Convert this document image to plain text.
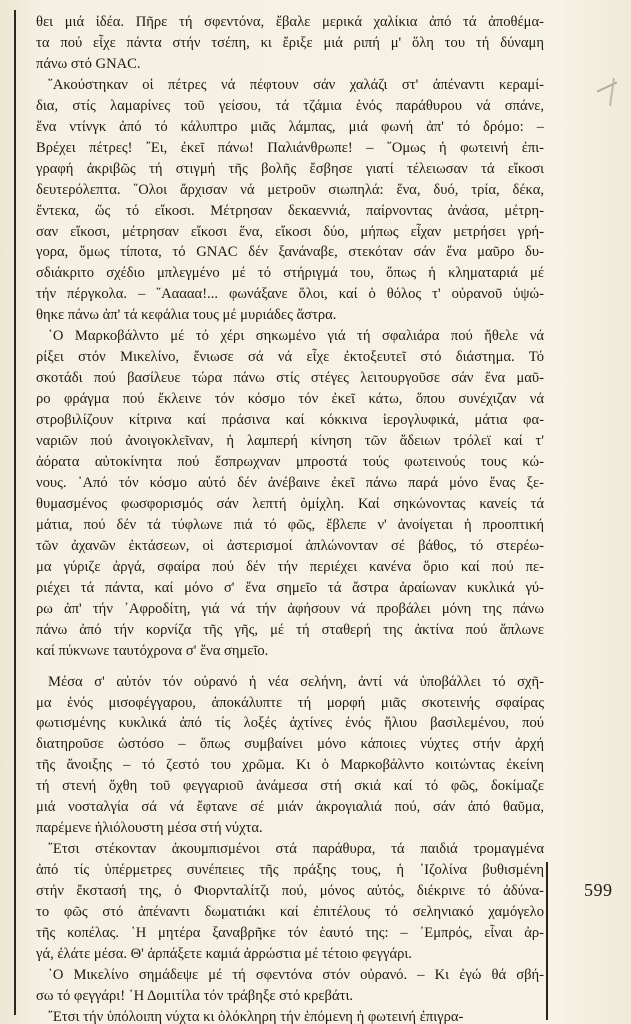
θει μιά ἰδέα. Πῆρε τή σφεντόνα, ἔβαλε μερικά χαλίκια ἀπό τά ἀποθέμα-
τα πού εἶχε πάντα στήν τσέπη, κι ἔριξε μιά ριπή μ' ὅλη του τή δύναμη
πάνω στό GNAC.
῞Ακούστηκαν οἱ πέτρες νά πέφτουν σάν χαλάζι στ' ἀπέναντι κεραμί-
δια, στίς λαμαρίνες τοῦ γείσου, τά τζάμια ἑνός παράθυρου νά σπάνε,
ἕνα ντίνγκ ἀπό τό κάλυπτρο μιᾶς λάμπας, μιά φωνή ἀπ' τό δρόμο: –
Βρέχει πέτρες! ῎Ει, ἐκεῖ πάνω! Παλιάνθρωπε! – ῞Ομως ἡ φωτεινή ἐπι-
γραφή ἀκριβῶς τή στιγμή τῆς βολῆς ἔσβησε γιατί τέλειωσαν τά εἴκοσι
δευτερόλεπτα. ῞Ολοι ἄρχισαν νά μετροῦν σιωπηλά: ἕνα, δυό, τρία, δέκα,
ἔντεκα, ὥς τό εἴκοσι. Μέτρησαν δεκαεννιά, παίρνοντας ἀνάσα, μέτρη-
σαν εἴκοσι, μέτρησαν εἴκοσι ἕνα, εἴκοσι δύο, μήπως εἶχαν μετρήσει γρή-
γορα, ὅμως τίποτα, τό GNAC δέν ξανάναβε, στεκόταν σάν ἕνα μαῦρο δυ-
σδιάκριτο σχέδιο μπλεγμένο μέ τό στήριγμά του, ὅπως ἡ κληματαριά μέ
τήν πέργκολα. – ῞Ααααα!... φωνάξανε ὅλοι, καί ὁ θόλος τ' οὐρανοῦ ὑψώ-
θηκε πάνω ἀπ' τά κεφάλια τους μέ μυριάδες ἄστρα.
῾Ο Μαρκοβάλντο μέ τό χέρι σηκωμένο γιά τή σφαλιάρα πού ἤθελε νά
ρίξει στόν Μικελίνο, ἔνιωσε σά νά εἶχε ἐκτοξευτεῖ στό διάστημα. Τό
σκοτάδι πού βασίλευε τώρα πάνω στίς στέγες λειτουργοῦσε σάν ἕνα μαῦ-
ρο φράγμα πού ἔκλεινε τόν κόσμο τόν ἐκεῖ κάτω, ὅπου συνέχιζαν νά
στροβιλίζουν κίτρινα καί πράσινα καί κόκκινα ἰερογλυφικά, μάτια φα-
ναριῶν πού ἀνοιγοκλεῖναν, ἡ λαμπερή κίνηση τῶν ἄδειων τρόλεϊ καί τ'
ἀόρατα αὐτοκίνητα πού ἔσπρωχναν μπροστά τούς φωτεινούς τους κώ-
νους. ᾽Από τόν κόσμο αὐτό δέν ἀνέβαινε ἐκεῖ πάνω παρά μόνο ἕνας ξε-
θυμασμένος φωσφορισμός σάν λεπτή ὀμίχλη. Καί σηκώνοντας κανείς τά
μάτια, πού δέν τά τύφλωνε πιά τό φῶς, ἔβλεπε ν' ἀνοίγεται ἡ προοπτική
τῶν ἀχανῶν ἐκτάσεων, οἱ ἀστερισμοί ἁπλώνονταν σέ βάθος, τό στερέω-
μα γύριζε ἀργά, σφαίρα πού δέν τήν περιέχει κανένα ὅριο καί πού πε-
ριέχει τά πάντα, καί μόνο σ' ἕνα σημεῖο τά ἄστρα ἀραίωναν κυκλικά γύ-
ρω ἀπ' τήν ᾽Αφροδίτη, γιά νά τήν ἀφήσουν νά προβάλει μόνη της πάνω
πάνω ἀπό τήν κορνίζα τῆς γῆς, μέ τή σταθερή της ἀκτίνα πού ἅπλωνε
καί πύκνωνε ταυτόχρονα σ' ἕνα σημεῖο.
Μέσα σ' αὐτόν τόν οὐρανό ἡ νέα σελήνη, ἀντί νά ὑποβάλλει τό σχῆ-
μα ἑνός μισοφέγγαρου, ἀποκάλυπτε τή μορφή μιᾶς σκοτεινής σφαίρας
φωτισμένης κυκλικά ἀπό τίς λοξές ἀχτίνες ἑνός ἥλιου βασιλεμένου, πού
διατηροῦσε ὡστόσο – ὅπως συμβαίνει μόνο κάποιες νύχτες στήν ἀρχή
τῆς ἄνοιξης – τό ζεστό του χρῶμα. Κι ὁ Μαρκοβάλντο κοιτώντας ἐκείνη
τή στενή ὄχθη τοῦ φεγγαριοῦ ἀνάμεσα στή σκιά καί τό φῶς, δοκίμαζε
μιά νοσταλγία σά νά ἔφτανε σέ μιάν ἀκρογιαλιά πού, σάν ἀπό θαῦμα,
παρέμενε ἡλιόλουστη μέσα στή νύχτα.
῎Ετσι στέκονταν ἀκουμπισμένοι στά παράθυρα, τά παιδιά τρομαγμένα
ἀπό τίς ὑπέρμετρες συνέπειες τῆς πράξης τους, ἡ ᾽Ιζολίνα βυθισμένη
στήν ἔκστασή της, ὁ Φιορνταλίτζι πού, μόνος αὐτός, διέκρινε τό ἀδύνα-
το φῶς στό ἀπέναντι δωματιάκι καί ἐπιτέλους τό σεληνιακό χαμόγελο
τῆς κοπέλας. ῾Η μητέρα ξαναβρῆκε τόν ἑαυτό της: – ᾽Εμπρός, εἶναι ἀρ-
γά, ἐλάτε μέσα. Θ' ἀρπάξετε καμιά ἀρρώστια μέ τέτοιο φεγγάρι.
῾Ο Μικελίνο σημάδεψε μέ τή σφεντόνα στόν οὐρανό. – Κι ἐγώ θά σβή-
σω τό φεγγάρι! ῾Η Δομιτίλα τόν τράβηξε στό κρεβάτι.
῎Ετσι τήν ὑπόλοιπη νύχτα κι ὁλόκληρη τήν ἑπόμενη ἡ φωτεινή ἐπιγρα-
599
